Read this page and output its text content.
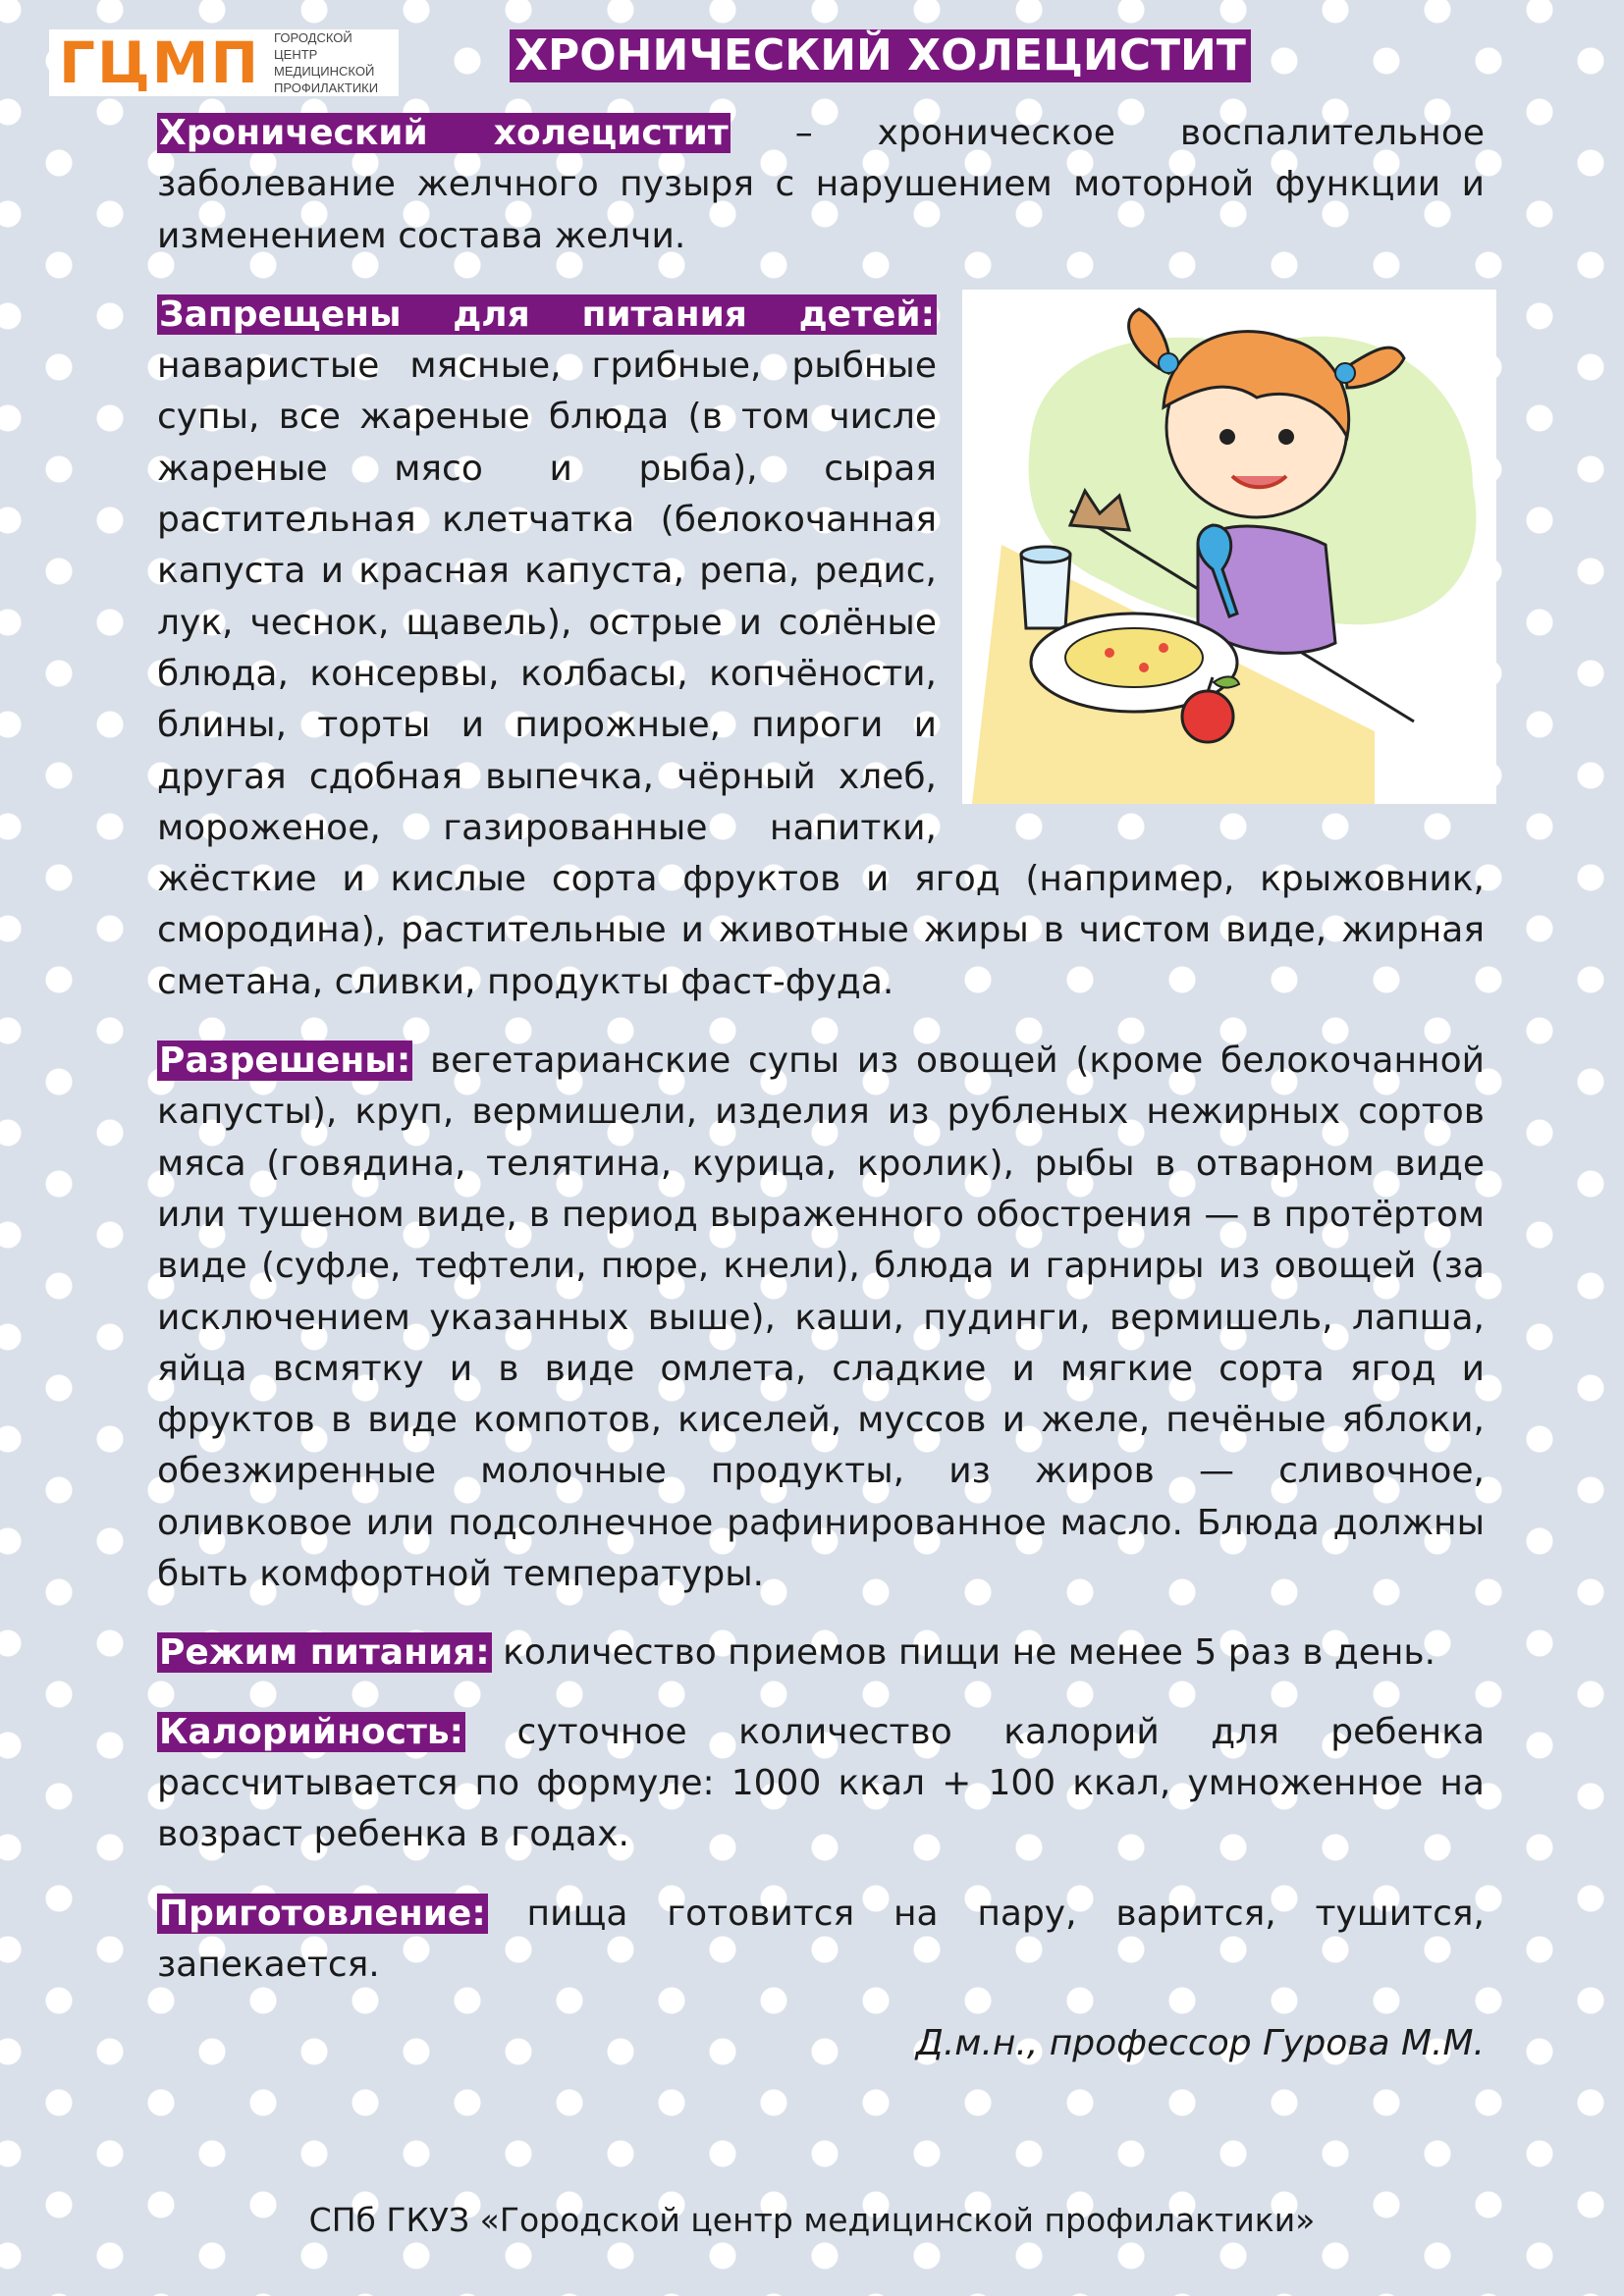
ГЦМП ГОРОДСКОЙ ЦЕНТР
МЕДИЦИНСКОЙ
ПРОФИЛАКТИКИ
ХРОНИЧЕСКИЙ ХОЛЕЦИСТИТ

Хронический холецистит – хроническое воспалительное заболевание желчного пузыря с нарушением моторной функции и изменением состава желчи.

Запрещены для питания детей: наваристые мясные, грибные, рыбные супы, все жареные блюда (в том числе жареные мясо и рыба), сырая растительная клетчатка (белокочанная капуста и красная капуста, репа, редис, лук, чеснок, щавель), острые и солёные блюда, консервы, колбасы, копчёности, блины, торты и пирожные, пироги и другая сдобная выпечка, чёрный хлеб, мороженое, газированные напитки, жёсткие и кислые сорта фруктов и ягод (например, крыжовник, смородина), растительные и животные жиры в чистом виде, жирная сметана, сливки, продукты фаст-фуда.

Разрешены: вегетарианские супы из овощей (кроме белокочанной капусты), круп, вермишели, изделия из рубленых нежирных сортов мяса (говядина, телятина, курица, кролик), рыбы в отварном виде или тушеном виде, в период выраженного обострения — в протёртом виде (суфле, тефтели, пюре, кнели), блюда и гарниры из овощей (за исключением указанных выше), каши, пудинги, вермишель, лапша, яйца всмятку и в виде омлета, сладкие и мягкие сорта ягод и фруктов в виде компотов, киселей, муссов и желе, печёные яблоки, обезжиренные молочные продукты, из жиров — сливочное, оливковое или подсолнечное рафинированное масло. Блюда должны быть комфортной температуры.

Режим питания: количество приемов пищи не менее 5 раз в день.

Калорийность: суточное количество калорий для ребенка рассчитывается по формуле: 1000 ккал + 100 ккал, умноженное на возраст ребенка в годах.

Приготовление: пища готовится на пару, варится, тушится, запекается.

Д.м.н., профессор Гурова М.М.

СПб ГКУЗ «Городской центр медицинской профилактики»
